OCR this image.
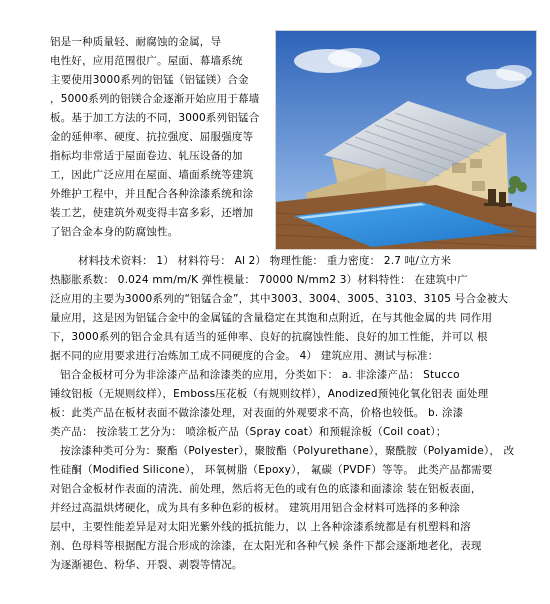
铝是一种质量轻、耐腐蚀的金属，导
电性好，应用范围很广。屋面、幕墙系统
主要使用3000系列的铝锰（铝锰镁）合金
，5000系列的铝镁合金逐渐开始应用于幕墙
板。基于加工方法的不同，3000系列铝锰合
金的延伸率、硬度、抗拉强度、屈服强度等
指标均非常适于屋面卷边、轧压设备的加
工，因此广泛应用在屋面、墙面系统等建筑
外维护工程中，并且配合各种涂漆系统和涂
装工艺，使建筑外观变得丰富多彩，还增加
了铝合金本身的防腐蚀性。
材料技术资料： 1） 材料符号： Al 2） 物理性能： 重力密度： 2.7 吨/立方米
热膨胀系数： 0.024 mm/m/K 弹性模量： 70000 N/mm2 3）材料特性： 在建筑中广
泛应用的主要为3000系列的“铝锰合金”，其中3003、3004、3005、3103、3105 号合金被大
量应用，这是因为铝锰合金中的金属锰的含量稳定在其饱和点附近，在与其他金属的共 同作用
下，3000系列的铝合金具有适当的延伸率、良好的抗腐蚀性能、良好的加工性能，并可以 根
据不同的应用要求进行冶炼加工成不同硬度的合金。 4） 建筑应用、测试与标准：
铝合金板材可分为非涂漆产品和涂漆类的应用，分类如下： a. 非涂漆产品： Stucco
锤纹铝板（无规则纹样），Emboss压花板（有规则纹样），Anodized预钝化氧化铝表 面处理
板：此类产品在板材表面不做涂漆处理，对表面的外观要求不高，价格也较低。 b. 涂漆
类产品： 按涂装工艺分为： 喷涂板产品（Spray coat）和预辊涂板（Coil coat）；
按涂漆种类可分为：聚酯（Polyester），聚胺酯（Polyurethane），聚酰胺（Polyamide）， 改
性硅酮（Modified Silicone）， 环氧树脂（Epoxy）， 氟碳（PVDF）等等。 此类产品都需要
对铝合金板材作表面的清洗、前处理，然后将无色的或有色的底漆和面漆涂 装在铝板表面，
并经过高温烘烤硬化，成为具有多种色彩的板材。 建筑用用铝合金材料可选择的多种涂
层中，主要性能差异是对太阳光紫外线的抵抗能力，以 上各种涂漆系统都是有机塑料和溶
剂、色母料等根据配方混合形成的涂漆，在太阳光和各种气候 条件下都会逐渐地老化，表现
为逐渐褪色、粉华、开裂、剥裂等情况。
